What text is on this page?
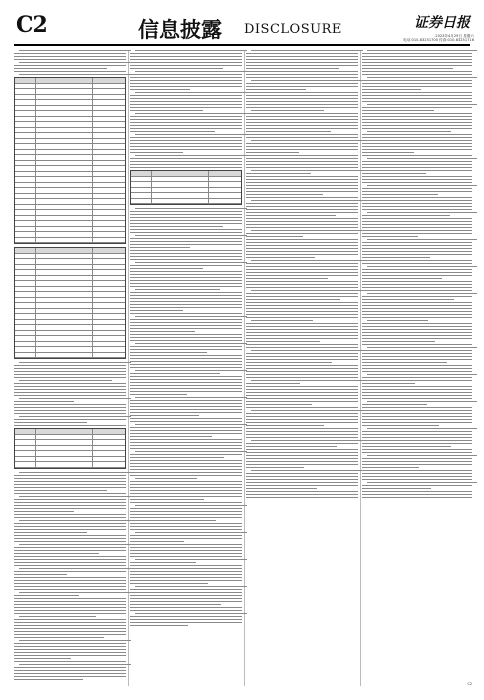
C2	信息披露 DISCLOSURE	证券日报
2023年4月29日 星期六
电话:010-83251700 传真:010-83251716
C2
